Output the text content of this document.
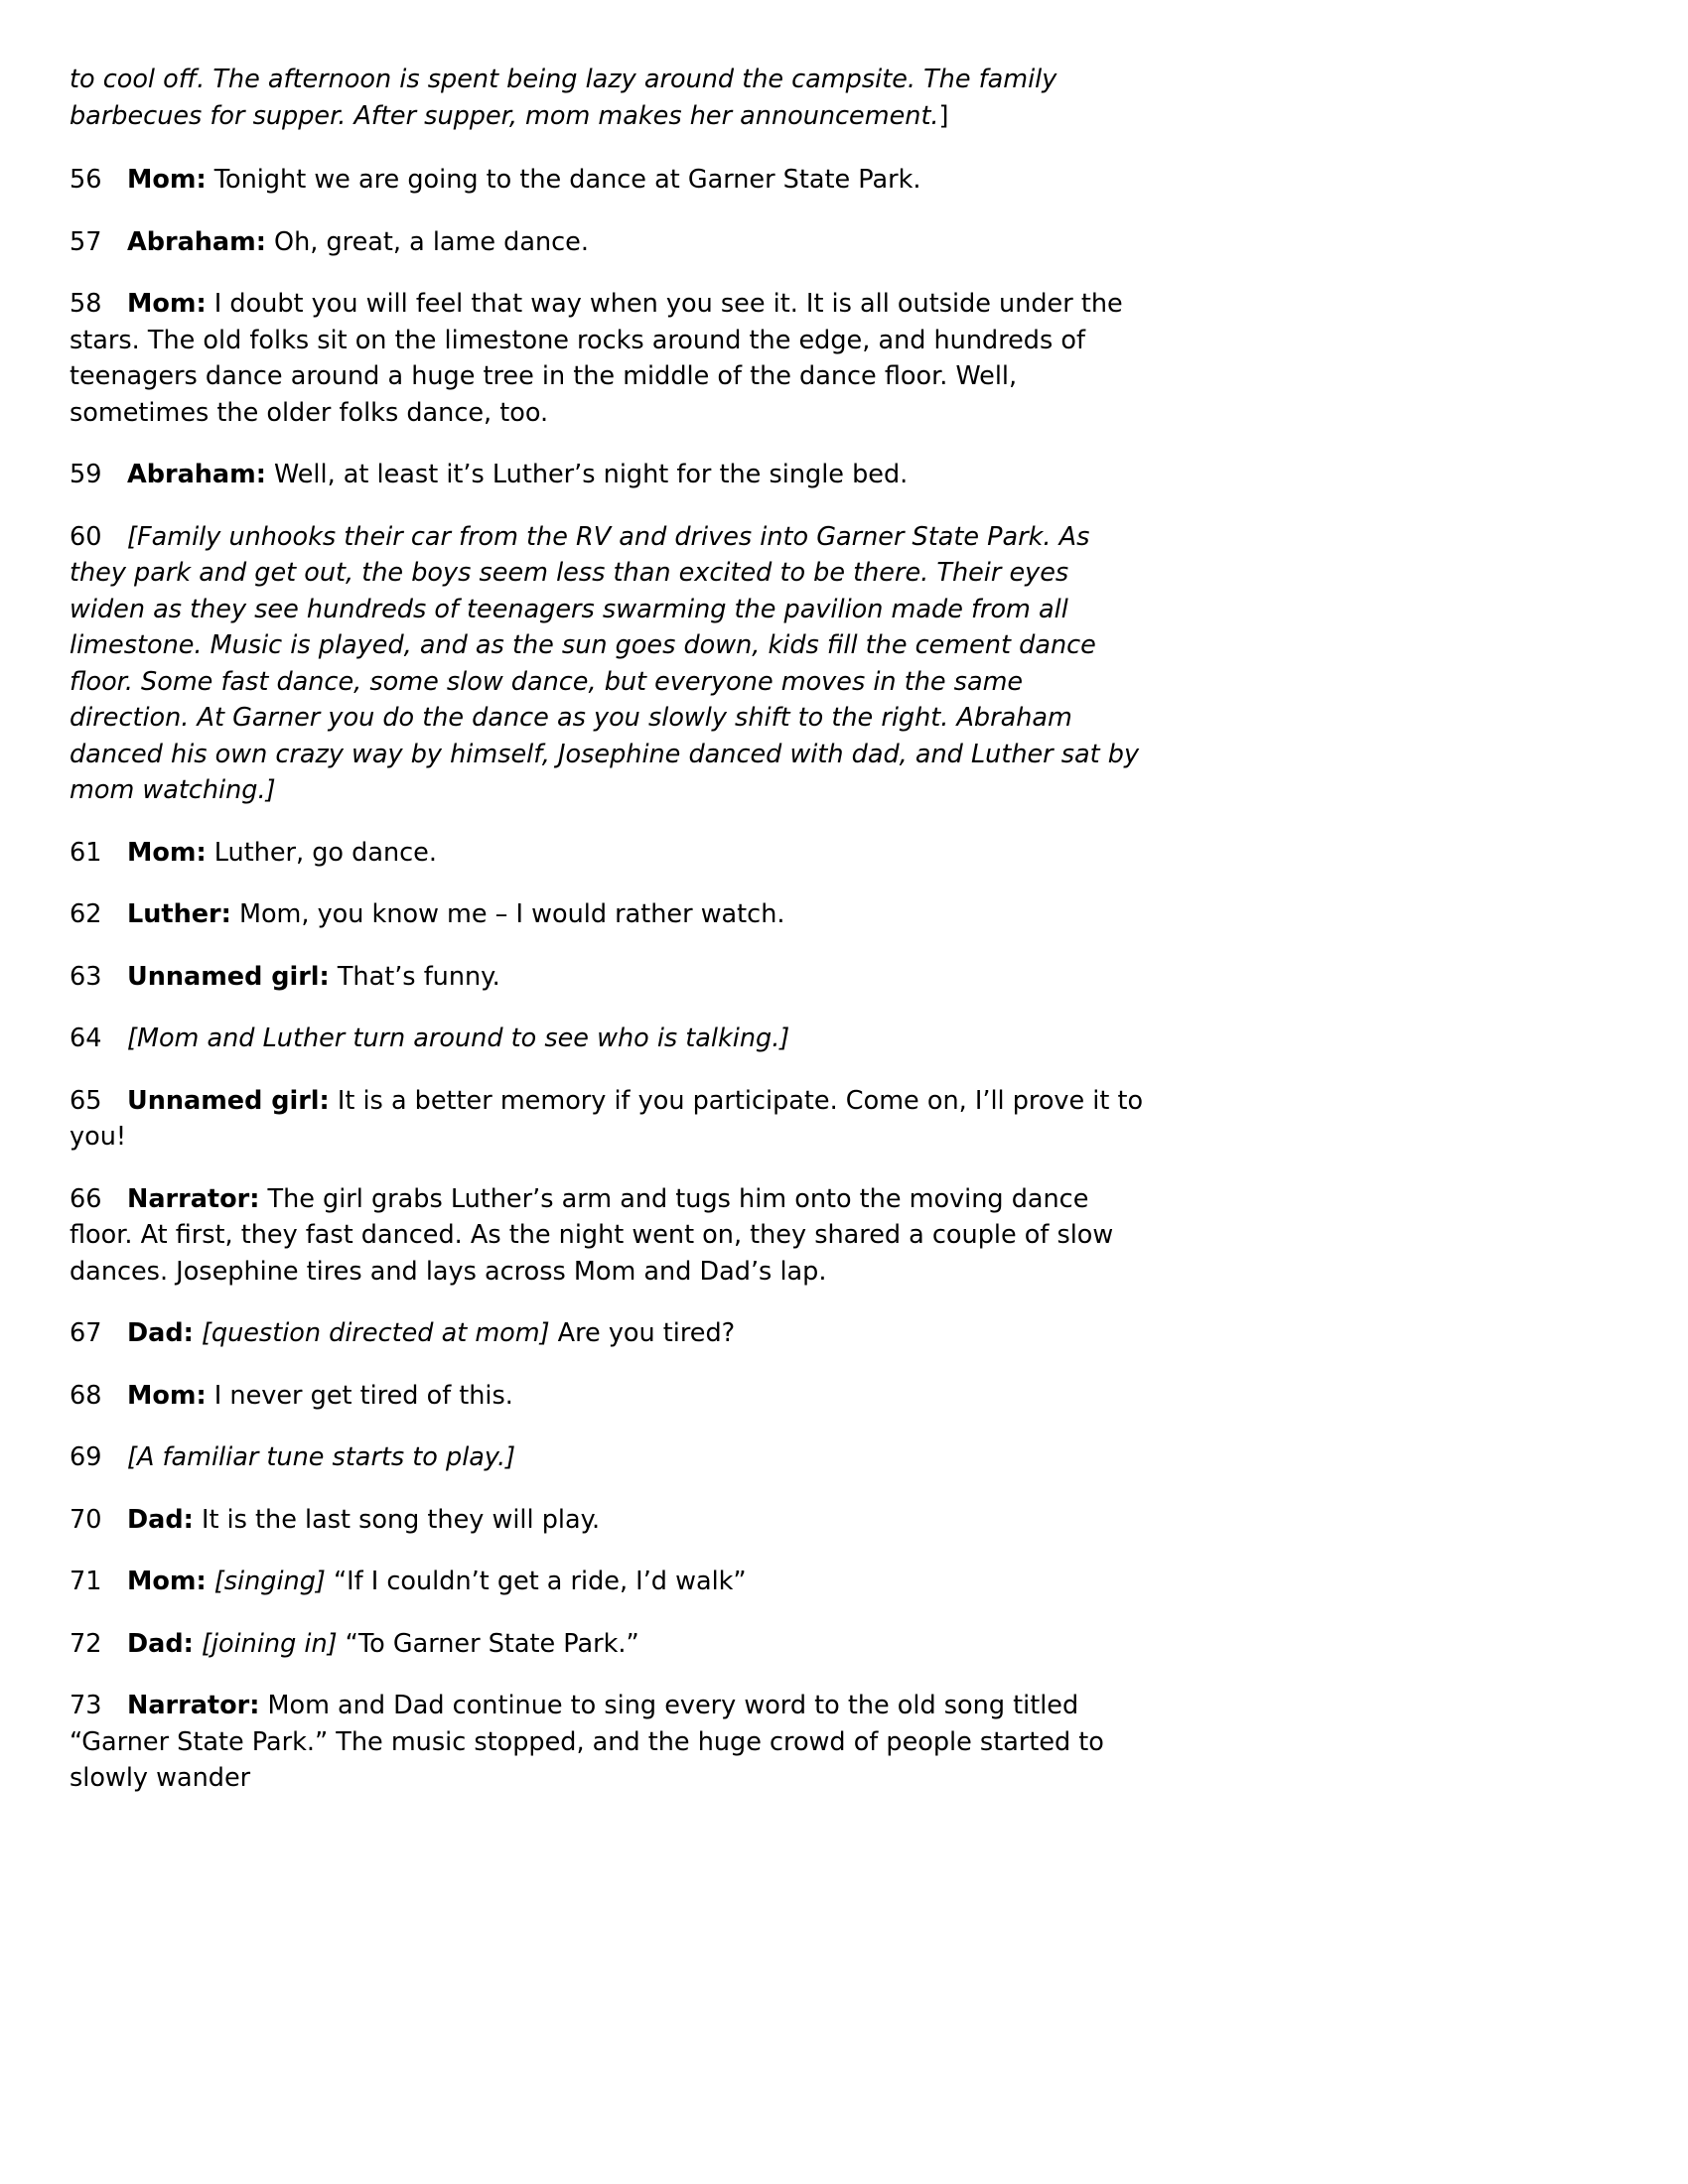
to cool off. The afternoon is spent being lazy around the campsite. The family barbecues for supper. After supper, mom makes her announcement.]

56 Mom: Tonight we are going to the dance at Garner State Park.

57 Abraham: Oh, great, a lame dance.

58 Mom: I doubt you will feel that way when you see it. It is all outside under the stars. The old folks sit on the limestone rocks around the edge, and hundreds of teenagers dance around a huge tree in the middle of the dance floor. Well, sometimes the older folks dance, too.

59 Abraham: Well, at least it’s Luther’s night for the single bed.

60 [Family unhooks their car from the RV and drives into Garner State Park. As they park and get out, the boys seem less than excited to be there. Their eyes widen as they see hundreds of teenagers swarming the pavilion made from all limestone. Music is played, and as the sun goes down, kids fill the cement dance floor. Some fast dance, some slow dance, but everyone moves in the same direction. At Garner you do the dance as you slowly shift to the right. Abraham danced his own crazy way by himself, Josephine danced with dad, and Luther sat by mom watching.]

61 Mom: Luther, go dance.

62 Luther: Mom, you know me – I would rather watch.

63 Unnamed girl: That’s funny.

64 [Mom and Luther turn around to see who is talking.]

65 Unnamed girl: It is a better memory if you participate. Come on, I’ll prove it to you!

66 Narrator: The girl grabs Luther’s arm and tugs him onto the moving dance floor. At first, they fast danced. As the night went on, they shared a couple of slow dances. Josephine tires and lays across Mom and Dad’s lap.

67 Dad: [question directed at mom] Are you tired?

68 Mom: I never get tired of this.

69 [A familiar tune starts to play.]

70 Dad: It is the last song they will play.

71 Mom: [singing] “If I couldn’t get a ride, I’d walk”

72 Dad: [joining in] “To Garner State Park.”

73 Narrator: Mom and Dad continue to sing every word to the old song titled “Garner State Park.” The music stopped, and the huge crowd of people started to slowly wander
